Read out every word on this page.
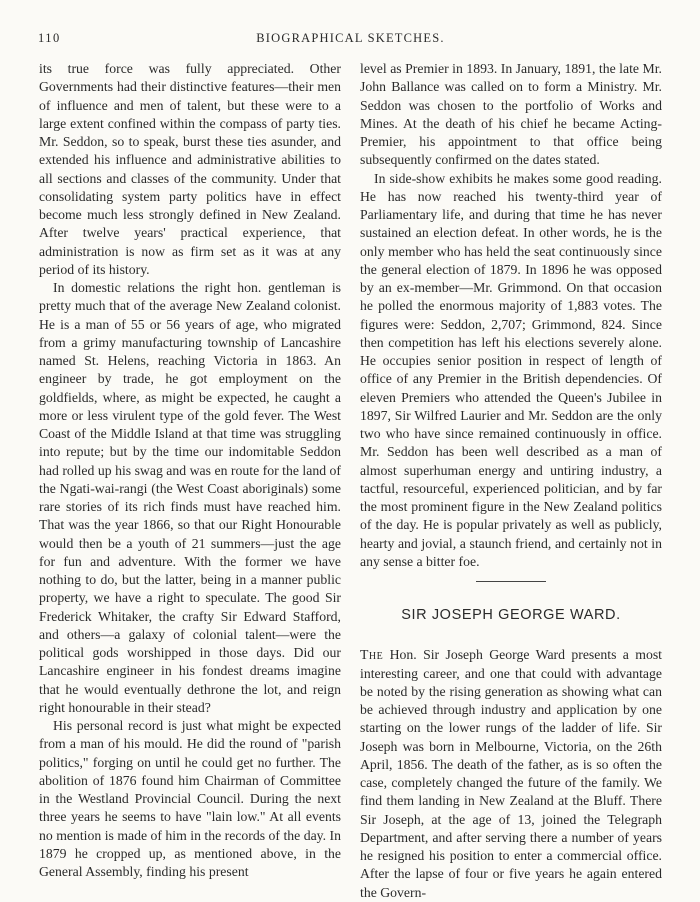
110	BIOGRAPHICAL SKETCHES.

its true force was fully appreciated. Other Governments had their distinctive features—their men of influence and men of talent, but these were to a large extent confined within the compass of party ties. Mr. Seddon, so to speak, burst these ties asunder, and extended his influence and administrative abilities to all sections and classes of the community. Under that consolidating system party politics have in effect become much less strongly defined in New Zealand. After twelve years' practical experience, that administration is now as firm set as it was at any period of its history.

In domestic relations the right hon. gentleman is pretty much that of the average New Zealand colonist. He is a man of 55 or 56 years of age, who migrated from a grimy manufacturing township of Lancashire named St. Helens, reaching Victoria in 1863. An engineer by trade, he got employment on the goldfields, where, as might be expected, he caught a more or less virulent type of the gold fever. The West Coast of the Middle Island at that time was struggling into repute; but by the time our indomitable Seddon had rolled up his swag and was en route for the land of the Ngati-wai-rangi (the West Coast aboriginals) some rare stories of its rich finds must have reached him. That was the year 1866, so that our Right Honourable would then be a youth of 21 summers—just the age for fun and adventure. With the former we have nothing to do, but the latter, being in a manner public property, we have a right to speculate. The good Sir Frederick Whitaker, the crafty Sir Edward Stafford, and others—a galaxy of colonial talent—were the political gods worshipped in those days. Did our Lancashire engineer in his fondest dreams imagine that he would eventually dethrone the lot, and reign right honourable in their stead?

His personal record is just what might be expected from a man of his mould. He did the round of "parish politics," forging on until he could get no further. The abolition of 1876 found him Chairman of Committee in the Westland Provincial Council. During the next three years he seems to have "lain low." At all events no mention is made of him in the records of the day. In 1879 he cropped up, as mentioned above, in the General Assembly, finding his present

level as Premier in 1893. In January, 1891, the late Mr. John Ballance was called on to form a Ministry. Mr. Seddon was chosen to the portfolio of Works and Mines. At the death of his chief he became Acting-Premier, his appointment to that office being subsequently confirmed on the dates stated.

In side-show exhibits he makes some good reading. He has now reached his twenty-third year of Parliamentary life, and during that time he has never sustained an election defeat. In other words, he is the only member who has held the seat continuously since the general election of 1879. In 1896 he was opposed by an ex-member—Mr. Grimmond. On that occasion he polled the enormous majority of 1,883 votes. The figures were: Seddon, 2,707; Grimmond, 824. Since then competition has left his elections severely alone. He occupies senior position in respect of length of office of any Premier in the British dependencies. Of eleven Premiers who attended the Queen's Jubilee in 1897, Sir Wilfred Laurier and Mr. Seddon are the only two who have since remained continuously in office. Mr. Seddon has been well described as a man of almost superhuman energy and untiring industry, a tactful, resourceful, experienced politician, and by far the most prominent figure in the New Zealand politics of the day. He is popular privately as well as publicly, hearty and jovial, a staunch friend, and certainly not in any sense a bitter foe.

SIR JOSEPH GEORGE WARD.

The Hon. Sir Joseph George Ward presents a most interesting career, and one that could with advantage be noted by the rising generation as showing what can be achieved through industry and application by one starting on the lower rungs of the ladder of life. Sir Joseph was born in Melbourne, Victoria, on the 26th April, 1856. The death of the father, as is so often the case, completely changed the future of the family. We find them landing in New Zealand at the Bluff. There Sir Joseph, at the age of 13, joined the Telegraph Department, and after serving there a number of years he resigned his position to enter a commercial office. After the lapse of four or five years he again entered the Govern-
